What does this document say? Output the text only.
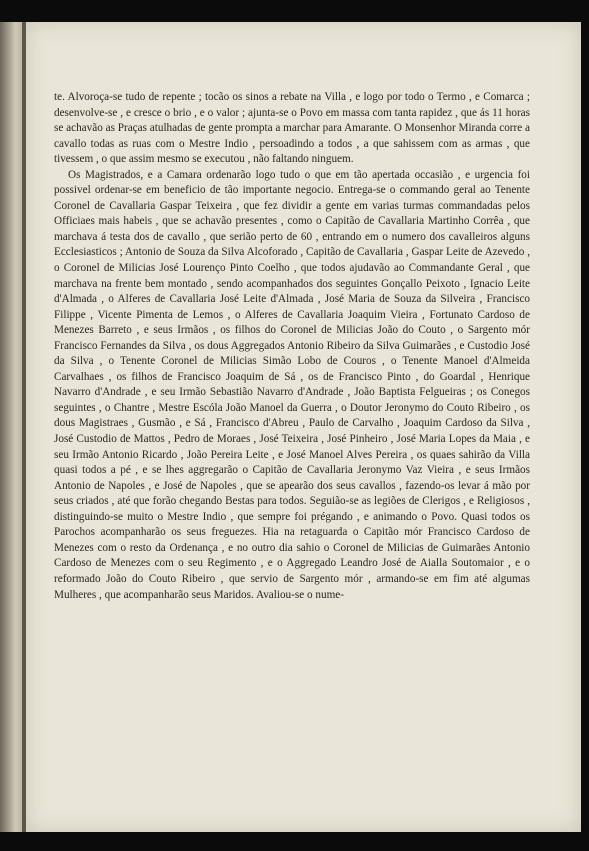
te. Alvoroça-se tudo de repente ; tocão os sinos a rebate na Villa , e logo por todo o Termo , e Comarca ; desenvolve-se , e cresce o brio , e o valor ; ajunta-se o Povo em massa com tanta rapidez , que ás 11 horas se achavão as Praças atulhadas de gente prompta a marchar para Amarante. O Monsenhor Miranda corre a cavallo todas as ruas com o Mestre Indio , persoadindo a todos , a que sahissem com as armas , que tivessem , o que assim mesmo se executou , não faltando ninguem.

Os Magistrados, e a Camara ordenarão logo tudo o que em tão apertada occasião , e urgencia foi possivel ordenar-se em beneficio de tão importante negocio. Entrega-se o commando geral ao Tenente Coronel de Cavallaria Gaspar Teixeira , que fez dividir a gente em varias turmas commandadas pelos Officiaes mais habeis , que se achavão presentes , como o Capitão de Cavallaria Martinho Corrêa , que marchava á testa dos de cavallo , que serião perto de 60 , entrando em o numero dos cavalleiros alguns Ecclesiasticos ; Antonio de Souza da Silva Alcoforado , Capitão de Cavallaria , Gaspar Leite de Azevedo , o Coronel de Milicias José Lourenço Pinto Coelho , que todos ajudavão ao Commandante Geral , que marchava na frente bem montado , sendo acompanhados dos seguintes Gonçallo Peixoto , Ignacio Leite d'Almada , o Alferes de Cavallaria José Leite d'Almada , José Maria de Souza da Silveira , Francisco Filippe , Vicente Pimenta de Lemos , o Alferes de Cavallaria Joaquim Vieira , Fortunato Cardoso de Menezes Barreto , e seus Irmãos , os filhos do Coronel de Milicias João do Couto , o Sargento mór Francisco Fernandes da Silva , os dous Aggregados Antonio Ribeiro da Silva Guimarães , e Custodio José da Silva , o Tenente Coronel de Milicias Simão Lobo de Couros , o Tenente Manoel d'Almeida Carvalhaes , os filhos de Francisco Joaquim de Sá , os de Francisco Pinto , do Goardal , Henrique Navarro d'Andrade , e seu Irmão Sebastião Navarro d'Andrade , João Baptista Felgueiras ; os Conegos seguintes , o Chantre , Mestre Escóla João Manoel da Guerra , o Doutor Jeronymo do Couto Ribeiro , os dous Magistraes , Gusmão , e Sá , Francisco d'Abreu , Paulo de Carvalho , Joaquim Cardoso da Silva , José Custodio de Mattos , Pedro de Moraes , José Teixeira , José Pinheiro , José Maria Lopes da Maia , e seu Irmão Antonio Ricardo , João Pereira Leite , e José Manoel Alves Pereira , os quaes sahirão da Villa quasi todos a pé , e se lhes aggregarão o Capitão de Cavallaria Jeronymo Vaz Vieira , e seus Irmãos Antonio de Napoles , e José de Napoles , que se apearão dos seus cavallos , fazendo-os levar á mão por seus criados , até que forão chegando Bestas para todos. Seguião-se as legiões de Clerigos , e Religiosos , distinguindo-se muito o Mestre Indio , que sempre foi prégando , e animando o Povo. Quasi todos os Parochos acompanharão os seus freguezes. Hia na retaguarda o Capitão mór Francisco Cardoso de Menezes com o resto da Ordenança , e no outro dia sahio o Coronel de Milicias de Guimarães Antonio Cardoso de Menezes com o seu Regimento , e o Aggregado Leandro José de Aialla Soutomaior , e o reformado João do Couto Ribeiro , que servio de Sargento mór , armando-se em fim até algumas Mulheres , que acompanharão seus Maridos. Avaliou-se o nume-
